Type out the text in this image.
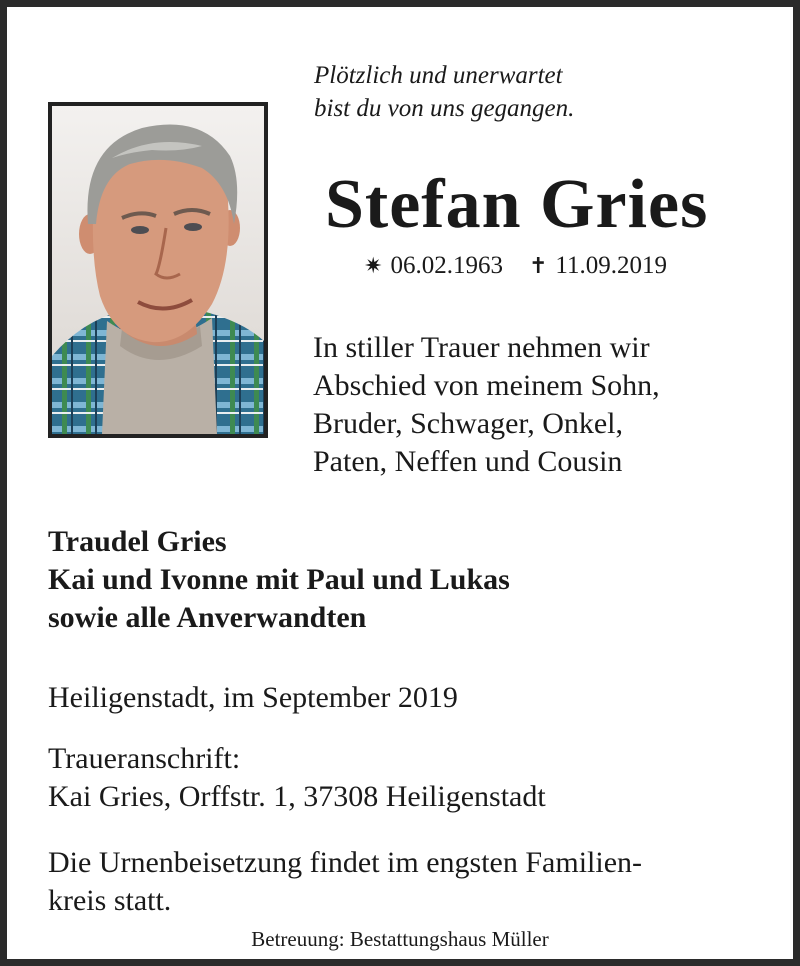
Plötzlich und unerwartet
bist du von uns gegangen.

Stefan Gries
✷ 06.02.1963 ✝ 11.09.2019

In stiller Trauer nehmen wir
Abschied von meinem Sohn,
Bruder, Schwager, Onkel,
Paten, Neffen und Cousin

Traudel Gries
Kai und Ivonne mit Paul und Lukas
sowie alle Anverwandten

Heiligenstadt, im September 2019

Traueranschrift:
Kai Gries, Orffstr. 1, 37308 Heiligenstadt

Die Urnenbeisetzung findet im engsten Familien-
kreis statt.

Betreuung: Bestattungshaus Müller
